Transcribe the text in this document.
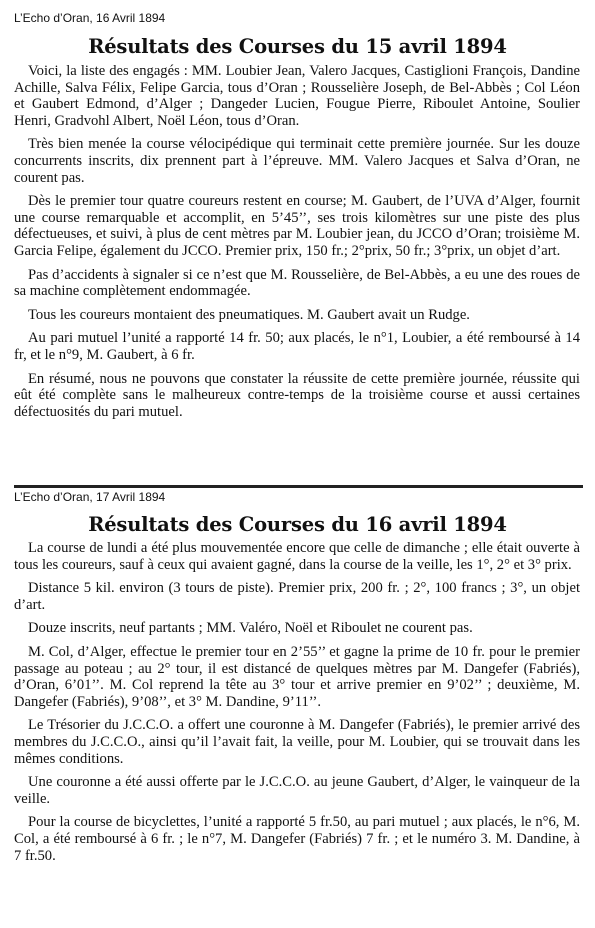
L’Echo d’Oran, 16 Avril 1894
Résultats des Courses du 15 avril 1894

Voici, la liste des engagés : MM. Loubier Jean, Valero Jacques, Castiglioni François, Dandine Achille, Salva Félix, Felipe Garcia, tous d’Oran ; Rousselière Joseph, de Bel-Abbès ; Col Léon et Gaubert Edmond, d’Alger ; Dangeder Lucien, Fougue Pierre, Riboulet Antoine, Soulier Henri, Gradvohl Albert, Noël Léon, tous d’Oran.

Très bien menée la course vélocipédique qui terminait cette première journée. Sur les douze concurrents inscrits, dix prennent part à l’épreuve. MM. Valero Jacques et Salva d’Oran, ne courent pas.

Dès le premier tour quatre coureurs restent en course; M. Gaubert, de l’UVA d’Alger, fournit une course remarquable et accomplit, en 5’45’’, ses trois kilomètres sur une piste des plus défectueuses, et suivi, à plus de cent mètres par M. Loubier jean, du JCCO d’Oran; troisième M. Garcia Felipe, également du JCCO. Premier prix, 150 fr.; 2°prix, 50 fr.; 3°prix, un objet d’art.

Pas d’accidents à signaler si ce n’est que M. Rousselière, de Bel-Abbès, a eu une des roues de sa machine complètement endommagée.

Tous les coureurs montaient des pneumatiques. M. Gaubert avait un Rudge.

Au pari mutuel l’unité a rapporté 14 fr. 50; aux placés, le n°1, Loubier, a été remboursé à 14 fr, et le n°9, M. Gaubert, à 6 fr.

En résumé, nous ne pouvons que constater la réussite de cette première journée, réussite qui eût été complète sans le malheureux contre-temps de la troisième course et aussi certaines défectuosités du pari mutuel.

L’Echo d’Oran, 17 Avril 1894
Résultats des Courses du 16 avril 1894

La course de lundi a été plus mouvementée encore que celle de dimanche ; elle était ouverte à tous les coureurs, sauf à ceux qui avaient gagné, dans la course de la veille, les 1°, 2° et 3° prix.

Distance 5 kil. environ (3 tours de piste). Premier prix, 200 fr. ; 2°, 100 francs ; 3°, un objet d’art.

Douze inscrits, neuf partants ; MM. Valéro, Noël et Riboulet ne courent pas.

M. Col, d’Alger, effectue le premier tour en 2’55’’ et gagne la prime de 10 fr. pour le premier passage au poteau ; au 2° tour, il est distancé de quelques mètres par M. Dangefer (Fabriés), d’Oran, 6’01’’. M. Col reprend la tête au 3° tour et arrive premier en 9’02’’ ; deuxième, M. Dangefer (Fabriés), 9’08’’, et 3° M. Dandine, 9’11’’.

Le Trésorier du J.C.C.O. a offert une couronne à M. Dangefer (Fabriés), le premier arrivé des membres du J.C.C.O., ainsi qu’il l’avait fait, la veille, pour M. Loubier, qui se trouvait dans les mêmes conditions.

Une couronne a été aussi offerte par le J.C.C.O. au jeune Gaubert, d’Alger, le vainqueur de la veille.

Pour la course de bicyclettes, l’unité a rapporté 5 fr.50, au pari mutuel ; aux placés, le n°6, M. Col, a été remboursé à 6 fr. ; le n°7, M. Dangefer (Fabriés) 7 fr. ; et le numéro 3. M. Dandine, à 7 fr.50.
